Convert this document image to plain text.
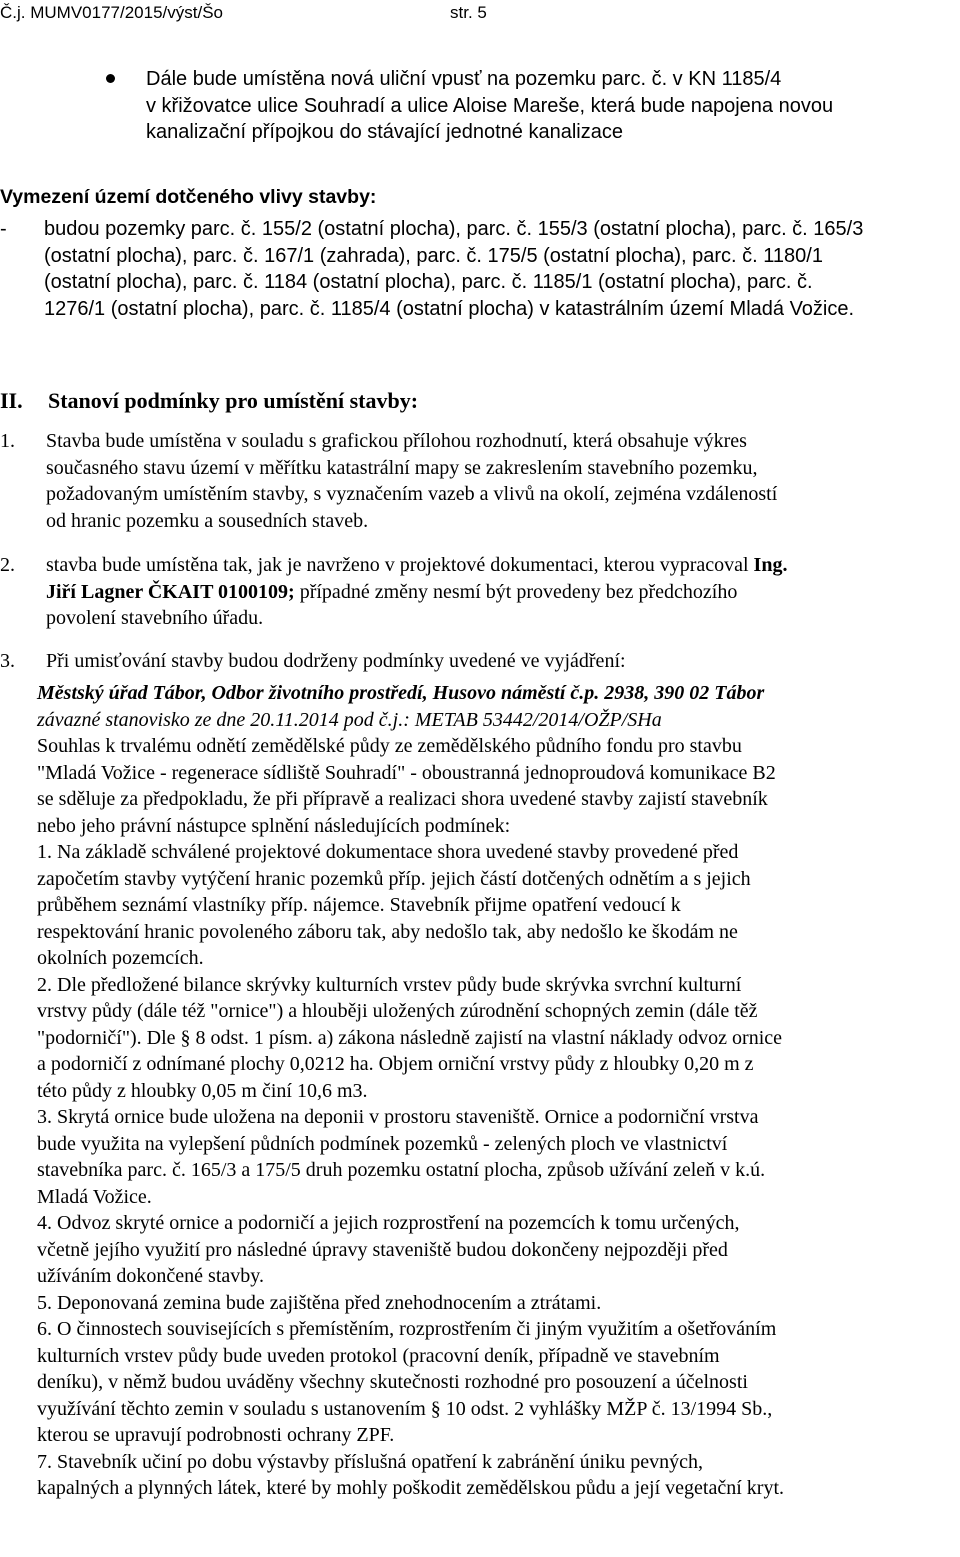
Č.j. MUMV0177/2015/výst/Šo	str. 5
Dále bude umístěna nová uliční vpusť na pozemku parc. č. v KN 1185/4
v křižovatce ulice Souhradí a ulice Aloise Mareše, která bude napojena novou
kanalizační přípojkou do stávající jednotné kanalizace
Vymezení území dotčeného vlivy stavby:
- budou pozemky parc. č. 155/2 (ostatní plocha), parc. č. 155/3 (ostatní plocha), parc. č. 165/3
(ostatní plocha), parc. č. 167/1 (zahrada), parc. č. 175/5 (ostatní plocha), parc. č. 1180/1
(ostatní plocha), parc. č. 1184 (ostatní plocha), parc. č. 1185/1 (ostatní plocha), parc. č.
1276/1 (ostatní plocha), parc. č. 1185/4 (ostatní plocha) v katastrálním území Mladá Vožice.
II. Stanoví podmínky pro umístění stavby:
1. Stavba bude umístěna v souladu s grafickou přílohou rozhodnutí, která obsahuje výkres
současného stavu území v měřítku katastrální mapy se zakreslením stavebního pozemku,
požadovaným umístěním stavby, s vyznačením vazeb a vlivů na okolí, zejména vzdáleností
od hranic pozemku a sousedních staveb.
2. stavba bude umístěna tak, jak je navrženo v projektové dokumentaci, kterou vypracoval Ing.
Jiří Lagner ČKAIT 0100109; případné změny nesmí být provedeny bez předchozího
povolení stavebního úřadu.
3. Při umisťování stavby budou dodrženy podmínky uvedené ve vyjádření:
Městský úřad Tábor, Odbor životního prostředí, Husovo náměstí č.p. 2938, 390 02 Tábor
závazné stanovisko ze dne 20.11.2014 pod č.j.: METAB 53442/2014/OŽP/SHa
Souhlas k trvalému odnětí zemědělské půdy ze zemědělského půdního fondu pro stavbu
"Mladá Vožice - regenerace sídliště Souhradí" - oboustranná jednoproudová komunikace B2
se sděluje za předpokladu, že při přípravě a realizaci shora uvedené stavby zajistí stavebník
nebo jeho právní nástupce splnění následujících podmínek:
1. Na základě schválené projektové dokumentace shora uvedené stavby provedené před
započetím stavby vytýčení hranic pozemků příp. jejich částí dotčených odnětím a s jejich
průběhem seznámí vlastníky příp. nájemce. Stavebník přijme opatření vedoucí k
respektování hranic povoleného záboru tak, aby nedošlo tak, aby nedošlo ke škodám ne
okolních pozemcích.
2. Dle předložené bilance skrývky kulturních vrstev půdy bude skrývka svrchní kulturní
vrstvy půdy (dále též "ornice") a hlouběji uložených zúrodnění schopných zemin (dále těž
"podorničí"). Dle § 8 odst. 1 písm. a) zákona následně zajistí na vlastní náklady odvoz ornice
a podorničí z odnímané plochy 0,0212 ha. Objem orniční vrstvy půdy z hloubky 0,20 m z
této půdy z hloubky 0,05 m činí 10,6 m3.
3. Skrytá ornice bude uložena na deponii v prostoru staveniště. Ornice a podorniční vrstva
bude využita na vylepšení půdních podmínek pozemků - zelených ploch ve vlastnictví
stavebníka parc. č. 165/3 a 175/5 druh pozemku ostatní plocha, způsob užívání zeleň v k.ú.
Mladá Vožice.
4. Odvoz skryté ornice a podorničí a jejich rozprostření na pozemcích k tomu určených,
včetně jejího využití pro následné úpravy staveniště budou dokončeny nejpozději před
užíváním dokončené stavby.
5. Deponovaná zemina bude zajištěna před znehodnocením a ztrátami.
6. O činnostech souvisejících s přemístěním, rozprostřením či jiným využitím a ošetřováním
kulturních vrstev půdy bude uveden protokol (pracovní deník, případně ve stavebním
deníku), v němž budou uváděny všechny skutečnosti rozhodné pro posouzení a účelnosti
využívání těchto zemin v souladu s ustanovením § 10 odst. 2 vyhlášky MŽP č. 13/1994 Sb.,
kterou se upravují podrobnosti ochrany ZPF.
7. Stavebník učiní po dobu výstavby příslušná opatření k zabránění úniku pevných,
kapalných a plynných látek, které by mohly poškodit zemědělskou půdu a její vegetační kryt.
